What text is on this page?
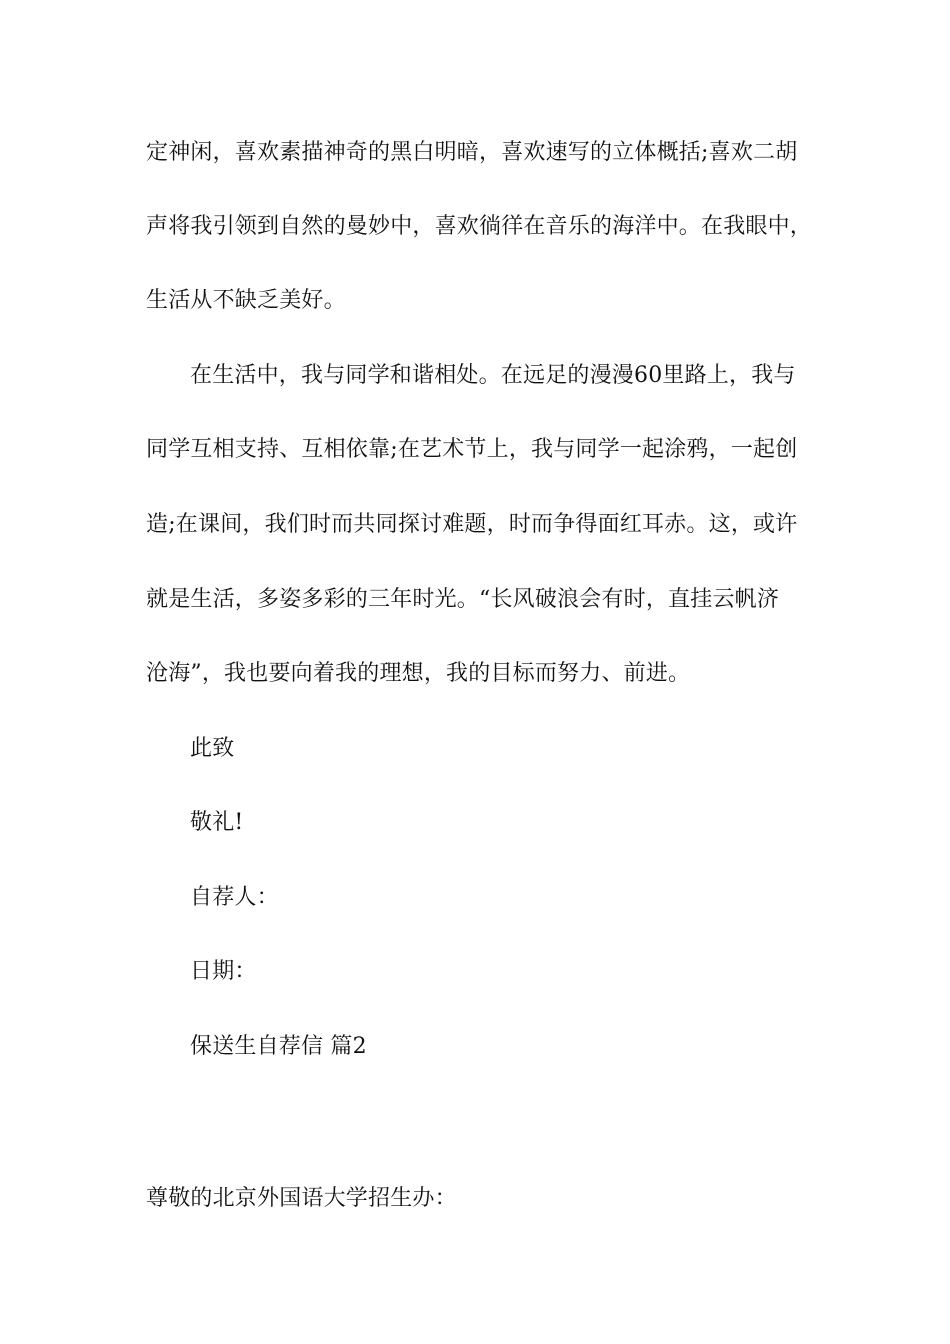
定神闲，喜欢素描神奇的黑白明暗，喜欢速写的立体概括;喜欢二胡
声将我引领到自然的曼妙中，喜欢徜徉在音乐的海洋中。在我眼中，
生活从不缺乏美好。
在生活中，我与同学和谐相处。在远足的漫漫60里路上，我与
同学互相支持、互相依靠;在艺术节上，我与同学一起涂鸦，一起创
造;在课间，我们时而共同探讨难题，时而争得面红耳赤。这，或许
就是生活，多姿多彩的三年时光。“长风破浪会有时，直挂云帆济
沧海”，我也要向着我的理想，我的目标而努力、前进。
此致
敬礼!
自荐人：
日期：
保送生自荐信 篇2
尊敬的北京外国语大学招生办：
